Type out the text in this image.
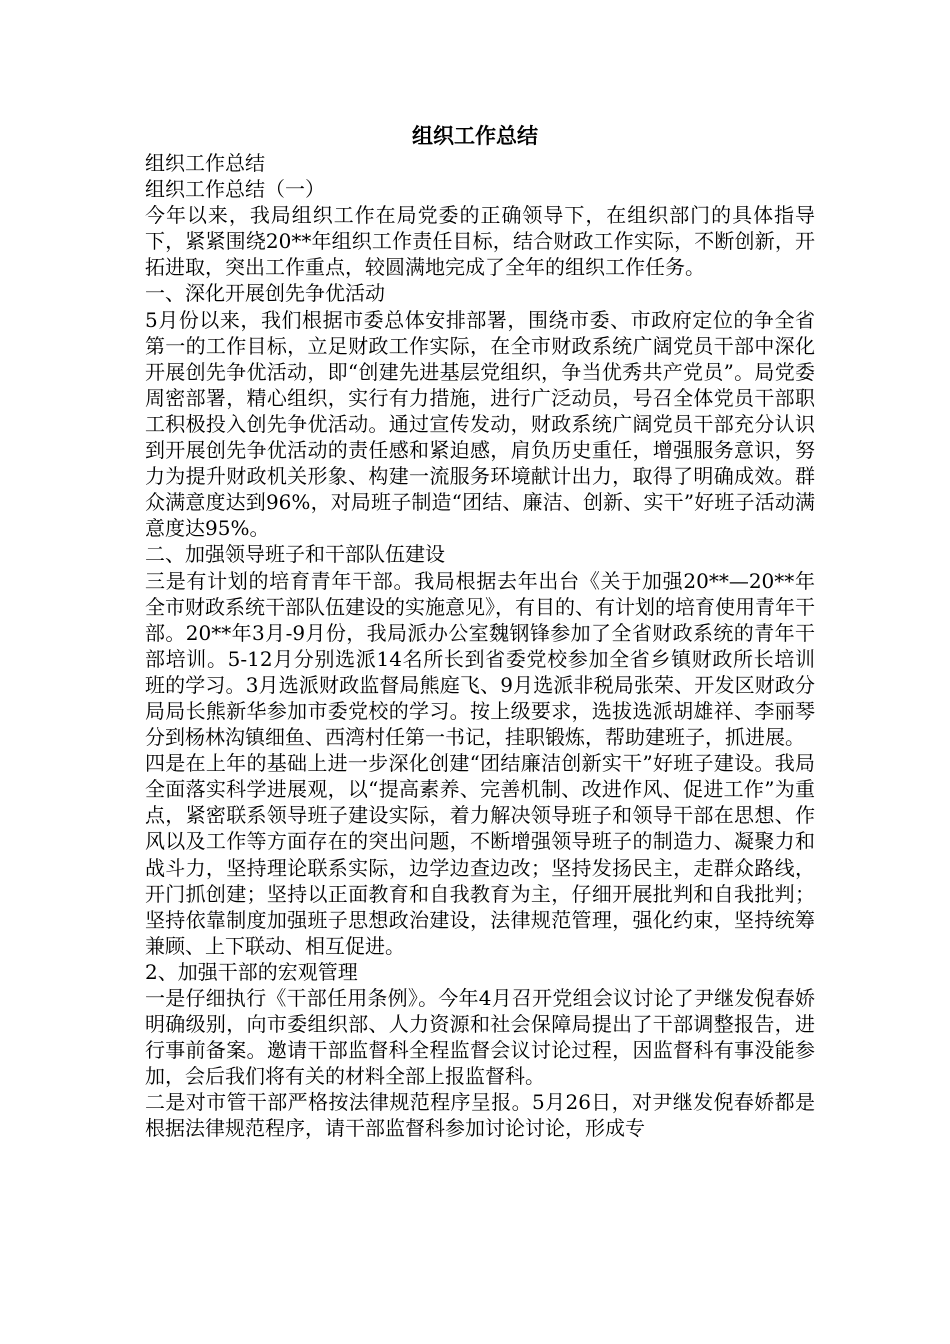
组织工作总结

组织工作总结

组织工作总结（一）

今年以来，我局组织工作在局党委的正确领导下，在组织部门的具体指导下，紧紧围绕20**年组织工作责任目标，结合财政工作实际，不断创新，开拓进取，突出工作重点，较圆满地完成了全年的组织工作任务。

一、深化开展创先争优活动

5月份以来，我们根据市委总体安排部署，围绕市委、市政府定位的争全省第一的工作目标，立足财政工作实际，在全市财政系统广阔党员干部中深化开展创先争优活动，即“创建先进基层党组织，争当优秀共产党员”。局党委周密部署，精心组织，实行有力措施，进行广泛动员，号召全体党员干部职工积极投入创先争优活动。通过宣传发动，财政系统广阔党员干部充分认识到开展创先争优活动的责任感和紧迫感，肩负历史重任，增强服务意识，努力为提升财政机关形象、构建一流服务环境献计出力，取得了明确成效。群众满意度达到96%，对局班子制造“团结、廉洁、创新、实干”好班子活动满意度达95%。

二、加强领导班子和干部队伍建设

三是有计划的培育青年干部。我局根据去年出台《关于加强20**—20**年全市财政系统干部队伍建设的实施意见》，有目的、有计划的培育使用青年干部。20**年3月-9月份，我局派办公室魏钢锋参加了全省财政系统的青年干部培训。5-12月分别选派14名所长到省委党校参加全省乡镇财政所长培训班的学习。3月选派财政监督局熊庭飞、9月选派非税局张荣、开发区财政分局局长熊新华参加市委党校的学习。按上级要求，选拔选派胡雄祥、李丽琴分到杨林沟镇细鱼、西湾村任第一书记，挂职锻炼，帮助建班子，抓进展。

四是在上年的基础上进一步深化创建“团结廉洁创新实干”好班子建设。我局全面落实科学进展观，以“提高素养、完善机制、改进作风、促进工作”为重点，紧密联系领导班子建设实际，着力解决领导班子和领导干部在思想、作风以及工作等方面存在的突出问题，不断增强领导班子的制造力、凝聚力和战斗力，坚持理论联系实际，边学边查边改；坚持发扬民主，走群众路线，开门抓创建；坚持以正面教育和自我教育为主，仔细开展批判和自我批判；坚持依靠制度加强班子思想政治建设，法律规范管理，强化约束，坚持统筹兼顾、上下联动、相互促进。

2、加强干部的宏观管理

一是仔细执行《干部任用条例》。今年4月召开党组会议讨论了尹继发倪春娇明确级别，向市委组织部、人力资源和社会保障局提出了干部调整报告，进行事前备案。邀请干部监督科全程监督会议讨论过程，因监督科有事没能参加，会后我们将有关的材料全部上报监督科。

二是对市管干部严格按法律规范程序呈报。5月26日，对尹继发倪春娇都是根据法律规范程序，请干部监督科参加讨论讨论，形成专
